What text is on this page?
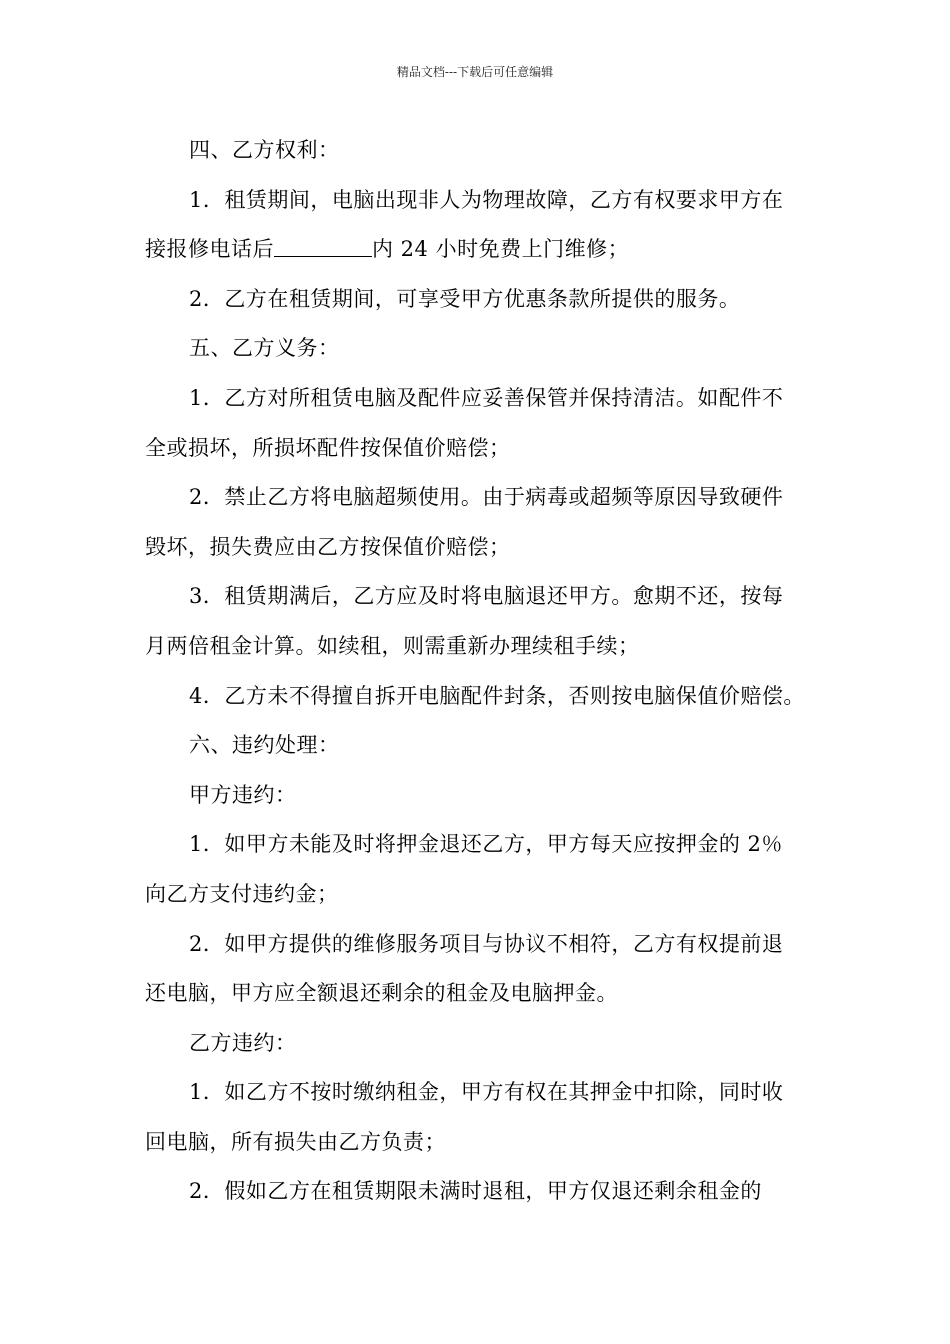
精品文档---下载后可任意编辑
四、乙方权利：
1．租赁期间，电脑出现非人为物理故障，乙方有权要求甲方在
接报修电话后	内 24 小时免费上门维修；
2．乙方在租赁期间，可享受甲方优惠条款所提供的服务。
五、乙方义务：
1．乙方对所租赁电脑及配件应妥善保管并保持清洁。如配件不
全或损坏，所损坏配件按保值价赔偿；
2．禁止乙方将电脑超频使用。由于病毒或超频等原因导致硬件
毁坏，损失费应由乙方按保值价赔偿；
3．租赁期满后，乙方应及时将电脑退还甲方。愈期不还，按每
月两倍租金计算。如续租，则需重新办理续租手续；
4．乙方未不得擅自拆开电脑配件封条，否则按电脑保值价赔偿。
六、违约处理：
甲方违约：
1．如甲方未能及时将押金退还乙方，甲方每天应按押金的 2％
向乙方支付违约金；
2．如甲方提供的维修服务项目与协议不相符，乙方有权提前退
还电脑，甲方应全额退还剩余的租金及电脑押金。
乙方违约：
1．如乙方不按时缴纳租金，甲方有权在其押金中扣除，同时收
回电脑，所有损失由乙方负责；
2．假如乙方在租赁期限未满时退租，甲方仅退还剩余租金的
